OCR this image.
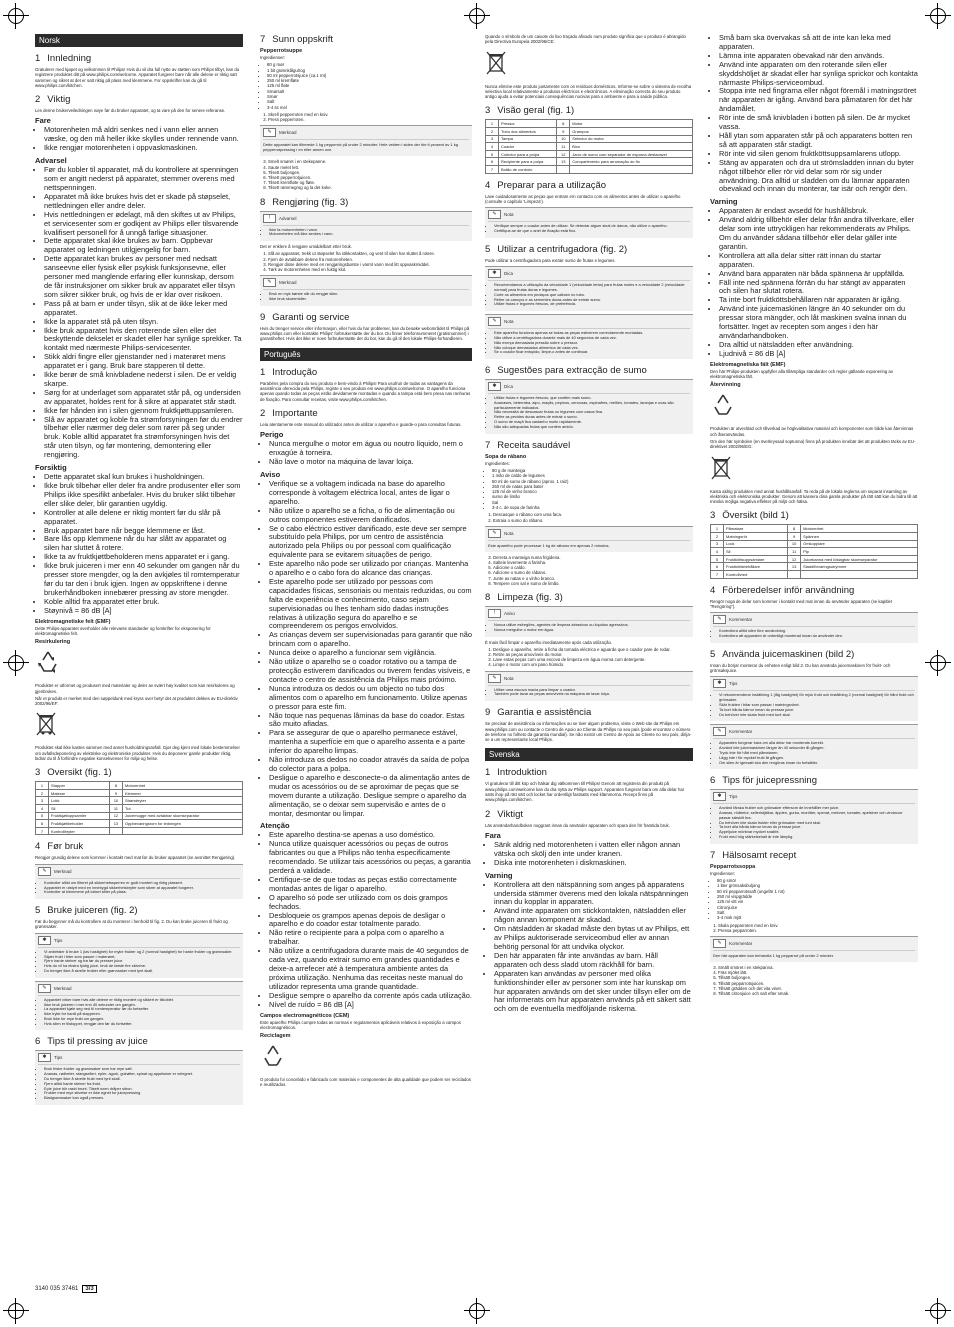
Norsk
1 Innledning

Gratulerer med kjøpet og velkommen til Philips! Hvis du vil dra full nytte av støtten som Philips tilbyr, kan du registrere produktet ditt på www.philips.com/welcome. Apparatet fungerer bare når alle delene er riktig satt sammen og sikret at det er satt riktig på plass med klemmene. For oppskrifter kan du gå til www.philips.com/kitchen.

2 Viktig

Les denne brukerveiledningen nøye før du bruker apparatet, og ta vare på den for senere referanse.

Fare
• Motorenheten må aldri senkes ned i vann eller annen væske, og den må heller ikke skylles under rennende vann.
• Ikke rengjør motorenheten i oppvaskmaskinen.
Advarsel
• Før du kobler til apparatet, må du kontrollere at spenningen som er angitt nederst på apparatet, stemmer overens med nettspenningen.
• Apparatet må ikke brukes hvis det er skade på støpselet, nettledningen eller andre deler.
• Hvis nettledningen er ødelagt, må den skiftes ut av Philips, et servicesenter som er godkjent av Philips eller tilsvarende kvalifisert personell for å unngå farlige situasjoner.
• Dette apparatet skal ikke brukes av barn. Oppbevar apparatet og ledningen utilgjengelig for barn.
• Dette apparatet kan brukes av personer med nedsatt sanseevne eller fysisk eller psykisk funksjonsevne, eller personer med manglende erfaring eller kunnskap, dersom de får instruksjoner om sikker bruk av apparatet eller tilsyn som sikrer sikker bruk, og hvis de er klar over risikoen.
• Pass på at barn er under tilsyn, slik at de ikke leker med apparatet.
• Ikke la apparatet stå på uten tilsyn.
• Ikke bruk apparatet hvis den roterende silen eller det beskyttende dekselet er skadet eller har synlige sprekker. Ta kontakt med nærmeste Philips-servicesenter.
• Stikk aldri fingre eller gjenstander ned i materøret mens apparatet er i gang. Bruk bare stapperen til dette.
• Ikke berør de små knivbladene nederst i silen. De er veldig skarpe.
• Sørg for at underlaget som apparatet står på, og undersiden av apparatet, holdes rent for å sikre at apparatet står stødt.
• Ikke før hånden inn i silen gjennom fruktkjøttuppsamleren.
• Slå av apparatet og koble fra strømforsyningen før du endrer tilbehør eller nærmer deg deler som rører på seg under bruk. Koble alltid apparatet fra strømforsyningen hvis det står uten tilsyn, og før montering, demontering eller rengjøring.
Forsiktig
• Dette apparatet skal kun brukes i husholdningen.
• Ikke bruk tilbehør eller deler fra andre produsenter eller som Philips ikke spesifikt anbefaler. Hvis du bruker slikt tilbehør eller slike deler, blir garantien ugyldig.
• Kontroller at alle delene er riktig montert før du slår på apparatet.
• Bruk apparatet bare når begge klemmene er låst.
• Bare lås opp klemmene når du har slått av apparatet og silen har sluttet å rotere.
• Ikke ta av fruktkjøttbeholderen mens apparatet er i gang.
• Ikke bruk juiceren i mer enn 40 sekunder om gangen når du presser store mengder, og la den avkjøles til romtemperatur før du tar den i bruk igjen. Ingen av oppskriftene i denne brukerhåndboken innebærer pressing av store mengder.
• Koble alltid fra apparatet etter bruk.
• Støynivå = 86 dB [A]
Elektromagnetiske felt (EMF)

Dette Philips-apparatet overholder alle relevante standarder og forskrifter for eksponering for elektromagnetiske felt.

Resirkulering

Produktet er utformet og produsert med materialer og deler av svært høy kvalitet som kan resirkuleres og gjenbrukes.

Når et produkt er merket med den søppeldunk med kryss over betyr det at produktet dekkes av EU-direktiv 2002/96/EF:

Produktet skal ikke kastes sammen med annet husholdningsavfall. Gjør deg kjent med lokale bestemmelser om avfallsdeponering av elektriske og elektroniske produkter. Hvis du deponerer gamle produkter riktig, bidrar du til å forhindre negative konsekvenser for miljø og helse.

3 Oversikt (fig. 1)
1	Stapper	8	Motorenhet
2	Materør	9	Klemmer
3	Lokk	10	Strømbryter
4	Sil	11	Tut
5	Fruktkjøttoppsamler	12	Juicemugge med avtakbar skumseparator
6	Fruktkjøttbeholder	13	Oppbevaringsrom for ledningen
7	Kontrollbryter		
4 Før bruk

Rengjør grundig delene som kommer i kontakt med mat før du bruker apparatet (se avsnittet Rengjøring).

✎	Merknad
• Kontroller alltid om filteret på sikkerhetssperren er godt montert og riktig plassert.
• Apparatet er utstyrt med en innebygd sikkerhetsbryter som sikrer at apparatet fungerer.
• Kontroller at klemmene på lokket sitter på plass.
5 Bruke juiceren (fig. 2)

Før du begynner må du kontrollere at du monterer i henhold til fig. 2. Du kan bruke juiceren til frukt og grønnsaker.

✱	Tips
• Vi anbefaler å bruke 1 (lav hastighet) for myke frukter og 2 (normal hastighet) for harde frukter og grønnsaker.
• Skjær frukt i biter som passer i materøret.
• Fjern harde steiner og frø før du presser juice.
• Hvis du vil ha ekstra fyldig juice, bruk de første fire skivene.
• Du trenger ikke å skrelle frukter eller grønnsaker med tynt skall.
✎	Merknad
• Apparatet virker bare hvis alle delene er riktig montert og sikkert er tilkoblet.
• Ikke bruk juiceren i mer enn 40 sekunder om gangen.
• La apparatet kjøle seg ned til romtemperatur før du fortsetter.
• Ikke trykk for hardt på stapperen.
• Bruk ikke for mye frukt om gangen.
• Hvis silen er tilstoppet, rengjør den før du fortsetter.
6 Tips til pressing av juice
✱	Tips
• Bruk friske frukter og grønnsaker som har mye saft.
• Ananas, rødbeter, stangselleri, epler, agurk, gulrøtter, spinat og appelsiner er velegnet.
• Du trenger ikke å skrelle frukt med tynt skall.
• Fjern alltid harde steiner fra frukt.
• Eple juice blir raskt brunt. Tilsett noen dråper sitron.
• Frukter med mye stivelse er ikke egnet for juicepressing.
• Bladgrønnsaker kan også presses.
7 Sunn oppskrift
Pepperrotsuppe

Ingredienser:

• 80 g mør
• 1 bit grønnkålgulrog
• 50 ml pepperrotsjuice (ca.1 mt)
• 250 ml kremfløte
• 125 ml fløte
• Smørsalt
• Smør
• Salt
• 3-4 ss mel
1. Skrell pepperroten med en kniv.
2. Press pepperroten.
✎	Merknad

Dette apparatet kan tilberede 1 kg pepperrot på under 2 minutter. Hele vekten i siden der ble ti prosent av 1 kg pepperrotpressing i en eller annen ovn.

3. Smelt smøret i en stekepanne.
4. Saute melet lett.
5. Tilsett buljongen.
6. Tilsett pepperrotjuicen.
7. Tilsett kremfløte og fløte.
8. Tilsett rømmegrog og la det koke.
8 Rengjøring (fig. 3)
!	Advarsel
• Ikke ta motorenheten i vann.
• Motorenheten må ikke senkes i vann.

Det er enklere å rengjøre umiddelbart etter bruk.

1. Slå av apparatet, trekk ut støpselet fra stikkontakten, og vent til silen har sluttet å rotere.
2. Fjern de avtakbare delene fra motorenheten.
3. Rengjør disse delene med en rengjøringsbørste i varmt vann med litt oppvaskmiddel.
4. Tørk av motorenheten med en fuktig klut.
✎	Merknad
• Bruk en myk børste når du rengjør silen.
• Ikke bruk skuremidler.
9 Garanti og service

Hvis du trenger service eller informasjon, eller hvis du har problemer, kan du besøke webområdet til Philips på www.philips.com eller kontakte Philips' forbrukerstøtte der du bor. Du finner telefonnummeret (gratisnummer) i garantiheftet. Hvis det ikke er noen forbrukerstøtte der du bor, kan du gå til den lokale Philips-forhandleren.

Português
1 Introdução

Parabéns pela compra do seu produto e bem-vindo à Philips! Para usufruir de todas as vantagens da assistência oferecida pela Philips, registe o seu produto em www.philips.com/welcome. O aparelho funciona apenas quando todas as peças estão devidamente montadas e quando a tampa está bem presa nas ranhuras de fixação. Para consultar receitas, visite www.philips.com/kitchen.

2 Importante

Leia atentamente este manual do utilizador antes de utilizar o aparelho e guarde-o para consultas futuras.

Perigo
• Nunca mergulhe o motor em água ou noutro líquido, nem o enxagúe à torneira.
• Não lave o motor na máquina de lavar loiça.
Aviso
• Verifique se a voltagem indicada na base do aparelho corresponde à voltagem eléctrica local, antes de ligar o aparelho.
• Não utilize o aparelho se a ficha, o fio de alimentação ou outros componentes estiverem danificados.
• Se o cabo eléctrico estiver danificado, este deve ser sempre substituído pela Philips, por um centro de assistência autorizado pela Philips ou por pessoal com qualificação equivalente para se evitarem situações de perigo.
• Este aparelho não pode ser utilizado por crianças. Mantenha o aparelho e o cabo fora do alcance das crianças.
• Este aparelho pode ser utilizado por pessoas com capacidades físicas, sensoriais ou mentais reduzidas, ou com falta de experiência e conhecimento, caso sejam supervisionadas ou lhes tenham sido dadas instruções relativas à utilização segura do aparelho e se compreenderem os perigos envolvidos.
• As crianças devem ser supervisionadas para garantir que não brincam com o aparelho.
• Nunca deixe o aparelho a funcionar sem vigilância.
• Não utilize o aparelho se o coador rotativo ou a tampa de protecção estiverem danificados ou tiverem fendas visíveis, e contacte o centro de assistência da Philips mais próximo.
• Nunca introduza os dedos ou um objecto no tubo dos alimentos com o aparelho em funcionamento. Utilize apenas o pressor para este fim.
• Não toque nas pequenas lâminas da base do coador. Estas são muito afiadas.
• Para se assegurar de que o aparelho permanece estável, mantenha a superfície em que o aparelho assenta e a parte inferior do aparelho limpas.
• Não introduza os dedos no coador através da saída de polpa do colector para a polpa.
• Desligue o aparelho e desconecte-o da alimentação antes de mudar os acessórios ou de se aproximar de peças que se movem durante a utilização. Desligue sempre o aparelho da alimentação, se o deixar sem supervisão e antes de o montar, desmontar ou limpar.
Atenção
• Este aparelho destina-se apenas a uso doméstico.
• Nunca utilize quaisquer acessórios ou peças de outros fabricantes ou que a Philips não tenha especificamente recomendado. Se utilizar tais acessórios ou peças, a garantia perderá a validade.
• Certifique-se de que todas as peças estão correctamente montadas antes de ligar o aparelho.
• O aparelho só pode ser utilizado com os dois grampos fechados.
• Desbloqueie os grampos apenas depois de desligar o aparelho e do coador estar totalmente parado.
• Não retire o recipiente para a polpa com o aparelho a trabalhar.
• Não utilize a centrifugadora durante mais de 40 segundos de cada vez, quando extrair sumo em grandes quantidades e deixe-a arrefecer até à temperatura ambiente antes da próxima utilização. Nenhuma das receitas neste manual do utilizador representa uma grande quantidade.
• Desligue sempre o aparelho da corrente após cada utilização.
• Nível de ruído = 86 dB [A]
Campos electromagnéticos (CEM)

Este aparelho Philips cumpre todas as normas e regulamentos aplicáveis relativos à exposição a campos electromagnéticos.

Reciclagem

O produto foi concebido e fabricado com materiais e componentes de alta qualidade que podem ser reciclados e reutilizados.

Quando o símbolo de um caixote do lixo traçado afixado num produto significa que o produto é abrangido pela Directiva Europeia 2002/96/CE:

Nunca elimine este produto juntamente com os resíduos domésticos. Informe-se sobre o sistema de recolha selectiva local relativamente a produtos eléctricos e electrónicos. A eliminação correcta do seu produto antigo ajuda a evitar potenciais consequências nocivas para o ambiente e para a saúde pública.

3 Visão geral (fig. 1)
1	Pressor	8	Motor
2	Tubo dos alimentos	9	Grampos
3	Tampa	10	Selector do motor
4	Coador	11	Bico
5	Colector para a polpa	12	Jarro de sumo com separador de espuma destacável
6	Recipiente para a polpa	13	Compartimento para arrumação do fio
7	Botão de controlo		
4 Preparar para a utilização

Lave cuidadosamente as peças que entram em contacto com os alimentos antes de utilizar o aparelho (consulte o capítulo 'Limpeza').

✎	Nota
• Verifique sempre o coador antes de utilizar. Se detectar algum sinal de danos, não utilize o aparelho.
• Certifique-se de que o anel de fixação está fixo.
5 Utilizar a centrifugadora (fig. 2)

Pode utilizar a centrifugadora para extrair sumo de frutas e legumes.

✱	Dica
• Recomendamos a utilização da velocidade 1 (velocidade lenta) para frutas moles e a velocidade 2 (velocidade normal) para frutas duras e legumes.
• Corte os alimentos em pedaços que caibam no tubo.
• Retire os caroços e as sementes duras antes de extrair sumo.
• Utilize frutas e legumes frescos, de preferência.
✎	Nota
• Este aparelho funciona apenas se todas as peças estiverem correctamente montadas.
• Não utilize a centrifugadora durante mais de 40 segundos de cada vez.
• Não exerça demasiada pressão sobre o pressor.
• Não coloque demasiados alimentos de cada vez.
• Se o coador ficar entupido, limpe-o antes de continuar.
6 Sugestões para extracção de sumo
✱	Dica
• Utilize frutas e legumes frescos, que contêm mais sumo.
• Ananases, beterraba, aipo, maçãs, pepinos, cenouras, espinafres, melões, tomates, laranjas e uvas são particularmente indicados.
• Não necessita de descascar frutas ou legumes com casca fina.
• Retire as pevides duras antes de extrair o sumo.
• O sumo de maçã fica castanho muito rapidamente.
• Não são adequadas frutas que contêm amido.
7 Receita saudável
Sopa de rábano

Ingredientes:

• 80 g de manteiga
• 1 mão de caldo de legumes
• 50 ml de sumo de rábano (aprox. 1 raiz)
• 250 ml de natas para bater
• 125 ml de vinho branco
• sumo de limão
• Sal
• 3-4 c. de sopa de farinha
1. Descasque o rábano com uma faca.
2. Extraia o sumo do rábano.
✎	Nota

Este aparelho pode processar 1 kg de rábano em apenas 2 minutos.

3. Derreta a manteiga numa frigideira.
4. Salteie levemente a farinha.
5. Adicione o caldo.
6. Adicione o sumo de rábano.
7. Junte as natas e o vinho branco.
8. Tempere com sal e sumo de limão.
8 Limpeza (fig. 3)
!	Aviso
• Nunca utilize esfregões, agentes de limpeza abrasivos ou líquidos agressivos.
• Nunca mergulhe o motor em água.

É mais fácil limpar o aparelho imediatamente após cada utilização.

1. Desligue o aparelho, retire a ficha da tomada eléctrica e aguarde que o coador pare de rodar.
2. Retire as peças amovíveis do motor.
3. Lave estas peças com uma escova de limpeza em água morna com detergente.
4. Limpe o motor com um pano húmido.
✎	Nota
• Utilize uma escova macia para limpar o coador.
• Também pode lavar as peças amovíveis na máquina de lavar loiça.
9 Garantia e assistência

Se precisar de assistência ou informações ou se tiver algum problema, visite o Web site da Philips em www.philips.com ou contacte o Centro de Apoio ao Cliente da Philips no seu país (pode encontrar o número de telefone no folheto da garantia mundial). Se não existir um Centro de Apoio ao Cliente no seu país, dirija-se a um representante local Philips.

Svenska
1 Introduktion

Vi gratulerar till ditt köp och hälsar dig välkommen till Philips! Genom att registrera din produkt på www.philips.com/welcome kan du dra nytta av Philips support. Apparaten fungerar bara om alla delar har satts ihop på rätt sätt och locket har ordentligt fastsatts med klämmorna. Recept finns på www.philips.com/kitchen.

2 Viktigt

Läs användarhandboken noggrant innan du använder apparaten och spara den för framtida bruk.

Fara
• Sänk aldrig ned motorenheten i vatten eller någon annan vätska och skölj den inte under kranen.
• Diska inte motorenheten i diskmaskinen.
Varning
• Kontrollera att den nätspänning som anges på apparatens undersida stämmer överens med den lokala nätspänningen innan du kopplar in apparaten.
• Använd inte apparaten om stickkontakten, nätsladden eller någon annan komponent är skadad.
• Om nätsladden är skadad måste den bytas ut av Philips, ett av Philips auktoriserade serviceombud eller av annan behörig personal för att undvika olyckor.
• Den här apparaten får inte användas av barn. Håll apparaten och dess sladd utom räckhåll för barn.
• Apparaten kan användas av personer med olika funktionshinder eller av personer som inte har kunskap om hur apparaten används om det sker under tillsyn eller om de har informerats om hur apparaten används på ett säkert sätt och om de eventuella medföljande riskerna.
• Små barn ska övervakas så att de inte kan leka med apparaten.
• Lämna inte apparaten obevakad när den används.
• Använd inte apparaten om den roterande silen eller skyddshöljet är skadat eller har synliga sprickor och kontakta närmaste Philips-serviceombud.
• Stoppa inte ned fingrarna eller något föremål i matningsröret när apparaten är igång. Använd bara påmataren för det här ändamålet.
• Rör inte de små knivbladen i botten på silen. De är mycket vassa.
• Håll ytan som apparaten står på och apparatens botten ren så att apparaten står stadigt.
• Rör inte vid silen genom fruktköttsuppsamlarens utlopp.
• Stäng av apparaten och dra ut strömsladden innan du byter något tillbehör eller rör vid delar som rör sig under användning. Dra alltid ur sladden om du lämnar apparaten obevakad och innan du monterar, tar isär och rengör den.
Varning
• Apparaten är endast avsedd för hushållsbruk.
• Använd aldrig tillbehör eller delar från andra tillverkare, eller delar som inte uttryckligen har rekommenderats av Philips. Om du använder sådana tillbehör eller delar gäller inte garantin.
• Kontrollera att alla delar sitter rätt innan du startar apparaten.
• Använd bara apparaten när båda spännena är uppfällda.
• Fäll inte ned spännena förrän du har stängt av apparaten och silen har slutat rotera.
• Ta inte bort fruktköttsbehållaren när apparaten är igång.
• Använd inte juicemaskinen längre än 40 sekunder om du pressar stora mängder, och låt maskinen svalna innan du fortsätter. Inget av recepten som anges i den här användarhandboken.
• Dra alltid ut nätsladden efter användning.
• Ljudnivå = 86 dB [A]
Elektromagnetiska fält (EMF)

Den här Philips-produkten uppfyller alla tillämpliga standarder och regler gällande exponering av elektromagnetiska fält.

Återvinning

Produkten är utvecklad och tillverkad av högkvalitativa material och komponenter som både kan återvinnas och återanvändas.

Om den här symbolen (en överkryssad soptunna) finns på produkten innebär det att produkten täcks av EU-direktivet 2002/96/EG:

Kasta aldrig produkten med annat hushållsavfall. Ta reda på de lokala reglerna om separat insamling av elektriska och elektroniska produkter. Genom att kassera dina gamla produkter på rätt sätt kan du bidra till att minska möjliga negativa effekter på miljö och hälsa.

3 Översikt (bild 1)
1	Påmatare	8	Motorenhet
2	Matningsrör	9	Spännen
3	Lock	10	Omkopplare
4	Sil	11	Pip
5	Fruktköttsuppsamlare	12	Juicekanna med löstagbar skumseparator
6	Fruktköttsbehållare	13	Sladdförvaringsutrymme
7	Kontrollvred		
4 Förberedelser inför användning

Rengör noga de delar som kommer i kontakt med mat innan du använder apparaten (se kapitlet "Rengöring").

✎	Kommentar
• Kontrollera alltid silen före användning.
• Kontrollera att apparaten är ordentligt monterad innan du använder den.
5 Använda juicemaskinen (bild 2)

Innan du börjar monterar du enheten enligt bild 2. Du kan använda juicemaskinen för frukt- och grönsaksjuice.

✱	Tips
• Vi rekommenderar inställning 1 (låg hastighet) för mjuk frukt och inställning 2 (normal hastighet) för hård frukt och grönsaker.
• Skär frukten i bitar som passar i matningsröret.
• Ta bort hårda kärnor innan du pressar juice.
• Du behöver inte skala frukt med tunt skal.
✎	Kommentar
• Apparaten fungerar bara om alla delar har monterats korrekt.
• Använd inte juicemaskinen längre än 40 sekunder åt gången.
• Tryck inte för hårt med påmataren.
• Lägg inte i för mycket frukt åt gången.
• Om silen är igensatt ska den rengöras innan du fortsätter.
6 Tips för juicepressning
✱	Tips
• Använd färska frukter och grönsaker eftersom de innehåller mer juice.
• Ananas, rödbetor, selleristjälkar, äpplen, gurka, morötter, spenat, meloner, tomater, apelsiner och vindruvor passar särskilt bra.
• Du behöver inte skala frukter eller grönsaker med tunt skal.
• Ta bort alla hårda kärnor innan du pressar juice.
• Äppeljuice mörknar mycket snabbt.
• Frukt med hög stärkelsehalt är inte lämplig.
7 Hälsosamt recept
Pepparrotssoppa

Ingredienser:

• 80 g smör
• 1 liter grönsaksbuljong
• 50 ml pepparrotssaft (ungefär 1 rot)
• 250 ml vispgrädde
• 125 ml vitt vin
• Citronjuice
• Salt
• 3-4 msk mjöl
1. Skala pepparroten med en kniv.
2. Pressa pepparroten.
✎	Kommentar

Den här apparaten kan behandla 1 kg pepparrot på under 2 minuter.

3. Smält smöret i en stekpanna.
4. Fräs mjölet lätt.
5. Tillsätt buljongen.
6. Tillsätt pepparrotsjuicen.
7. Tillsätt grädden och det vita vinet.
8. Tillsätt citronjuice och salt efter smak.
3140 035 37461	3/3
